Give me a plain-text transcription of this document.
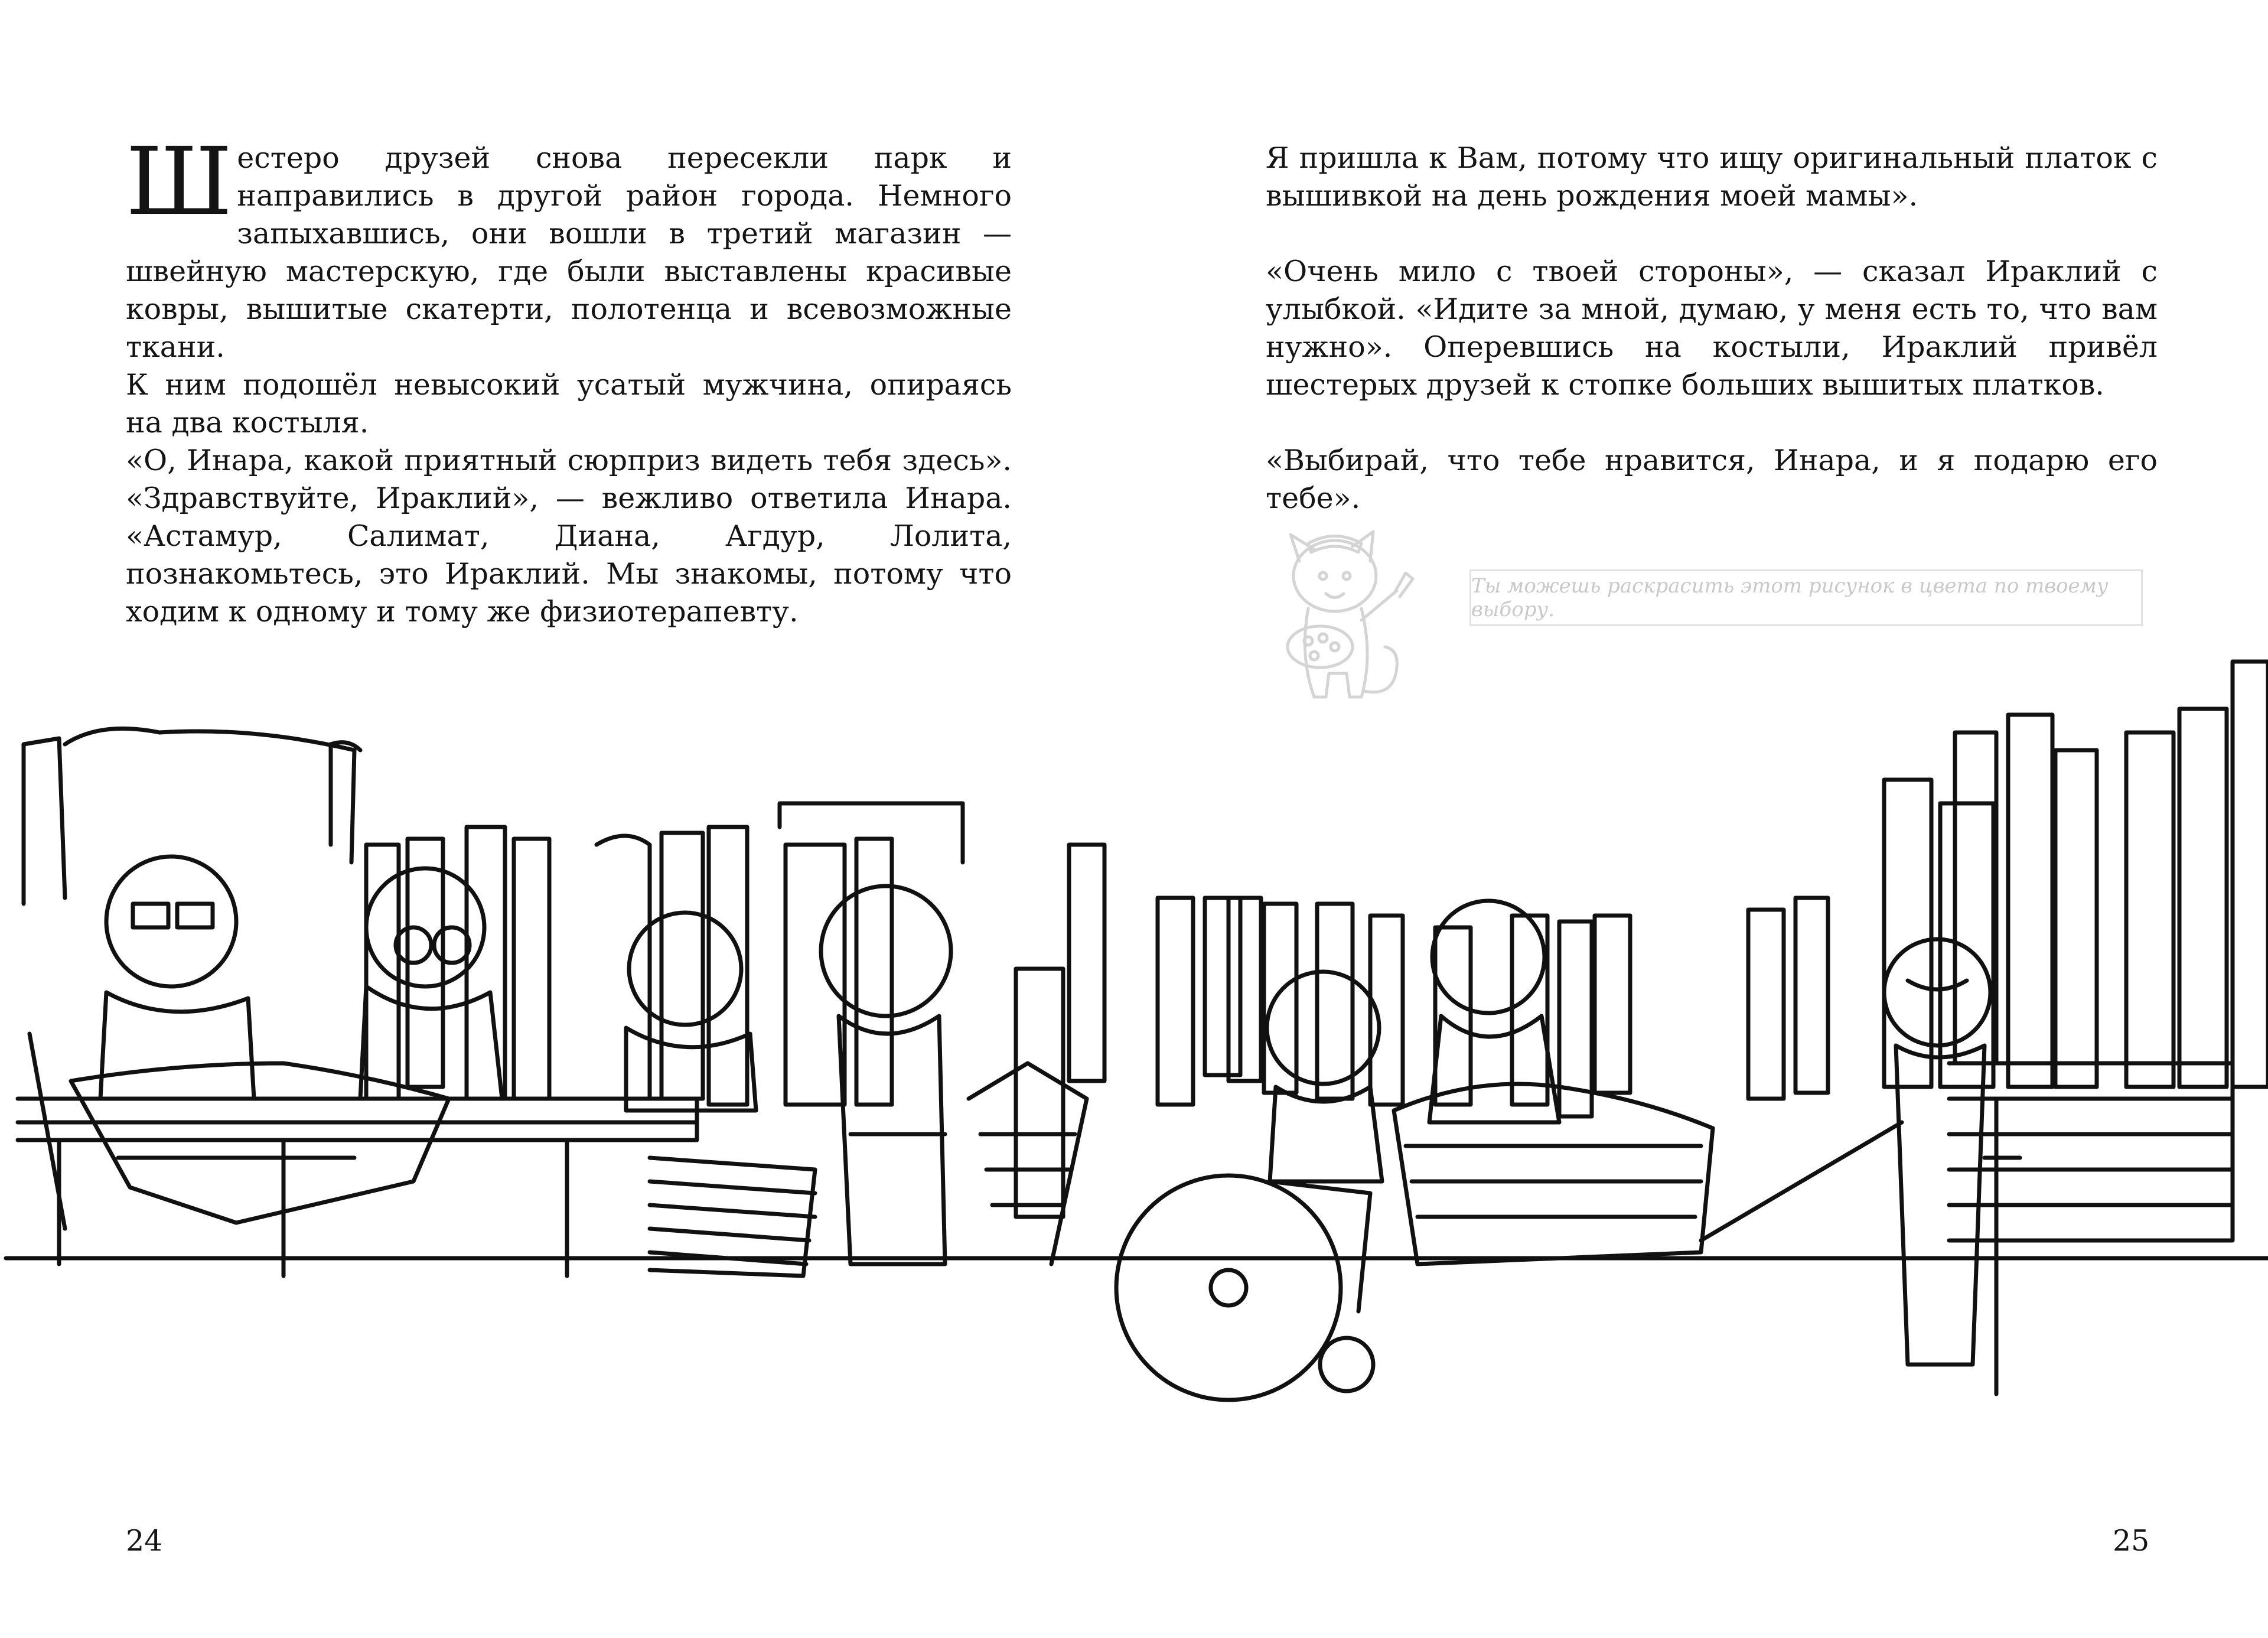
Шестеро друзей снова пересекли парк и направились в другой район города. Немного запыхавшись, они вошли в третий магазин — швейную мастерскую, где были выставлены красивые ковры, вышитые скатерти, полотенца и всевозможные ткани.

К ним подошёл невысокий усатый мужчина, опираясь на два костыля.

«О, Инара, какой приятный сюрприз видеть тебя здесь». «Здравствуйте, Ираклий», — вежливо ответила Инара. «Астамур, Салимат, Диана, Агдур, Лолита, познакомьтесь, это Ираклий. Мы знакомы, потому что ходим к одному и тому же физиотерапевту.

24

Я пришла к Вам, потому что ищу оригинальный платок с вышивкой на день рождения моей мамы».

«Очень мило с твоей стороны», — сказал Ираклий с улыбкой. «Идите за мной, думаю, у меня есть то, что вам нужно». Оперевшись на костыли, Ираклий привёл шестерых друзей к стопке больших вышитых платков.

«Выбирай, что тебе нравится, Инара, и я подарю его тебе».

Ты можешь раскрасить этот рисунок в цвета по твоему выбору.
25
